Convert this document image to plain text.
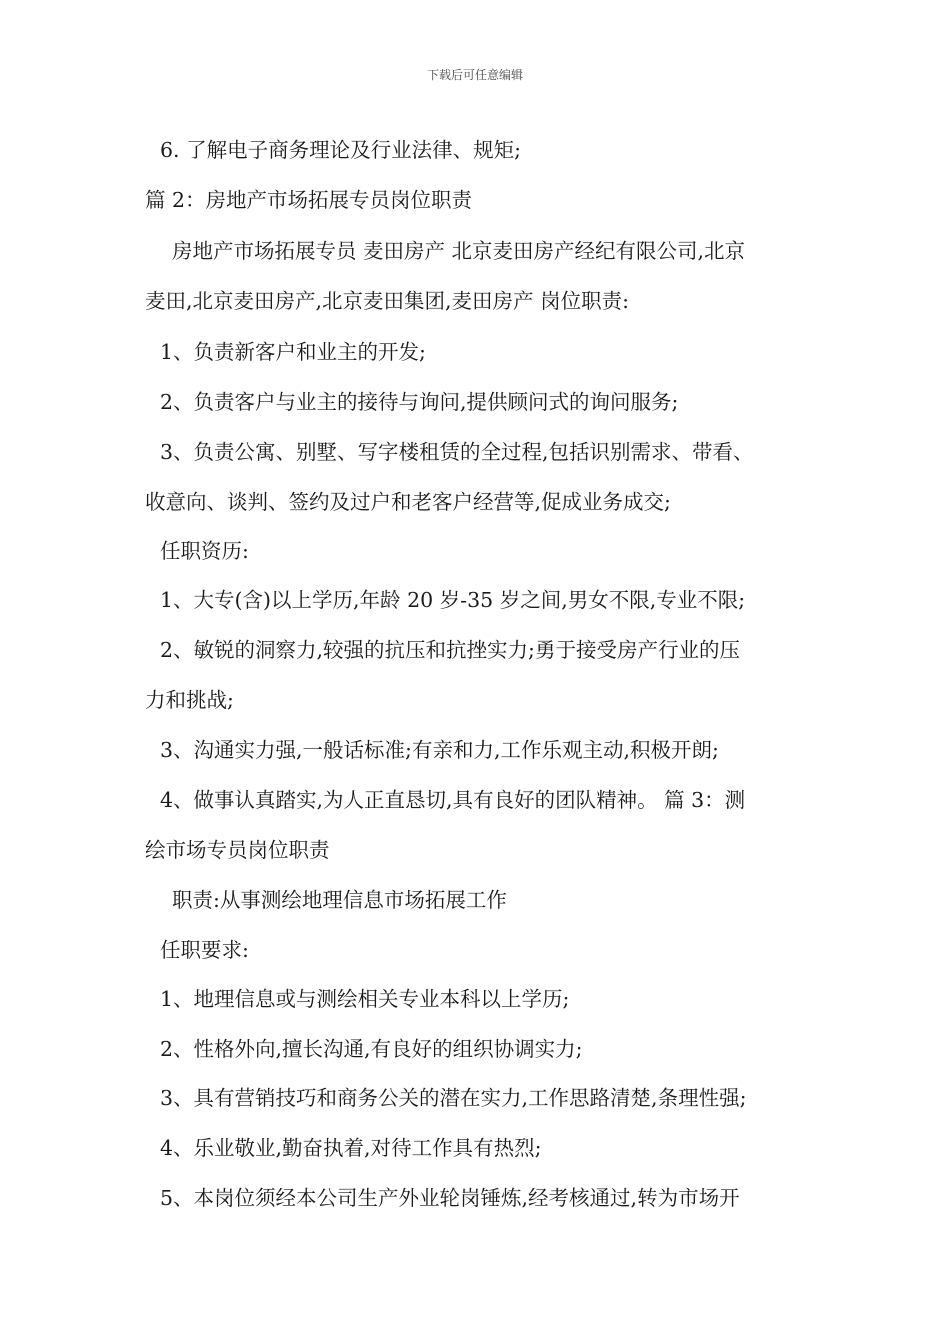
下载后可任意编辑
6. 了解电子商务理论及行业法律、规矩;
篇 2：房地产市场拓展专员岗位职责
房地产市场拓展专员 麦田房产 北京麦田房产经纪有限公司,北京
麦田,北京麦田房产,北京麦田集团,麦田房产 岗位职责:
1、负责新客户和业主的开发;
2、负责客户与业主的接待与询问,提供顾问式的询问服务;
3、负责公寓、别墅、写字楼租赁的全过程,包括识别需求、带看、
收意向、谈判、签约及过户和老客户经营等,促成业务成交;
任职资历:
1、大专(含)以上学历,年龄 20 岁-35 岁之间,男女不限,专业不限;
2、敏锐的洞察力,较强的抗压和抗挫实力;勇于接受房产行业的压
力和挑战;
3、沟通实力强,一般话标准;有亲和力,工作乐观主动,积极开朗;
4、做事认真踏实,为人正直恳切,具有良好的团队精神。 篇 3：测
绘市场专员岗位职责
职责:从事测绘地理信息市场拓展工作
任职要求:
1、地理信息或与测绘相关专业本科以上学历;
2、性格外向,擅长沟通,有良好的组织协调实力;
3、具有营销技巧和商务公关的潜在实力,工作思路清楚,条理性强;
4、乐业敬业,勤奋执着,对待工作具有热烈;
5、本岗位须经本公司生产外业轮岗锤炼,经考核通过,转为市场开
